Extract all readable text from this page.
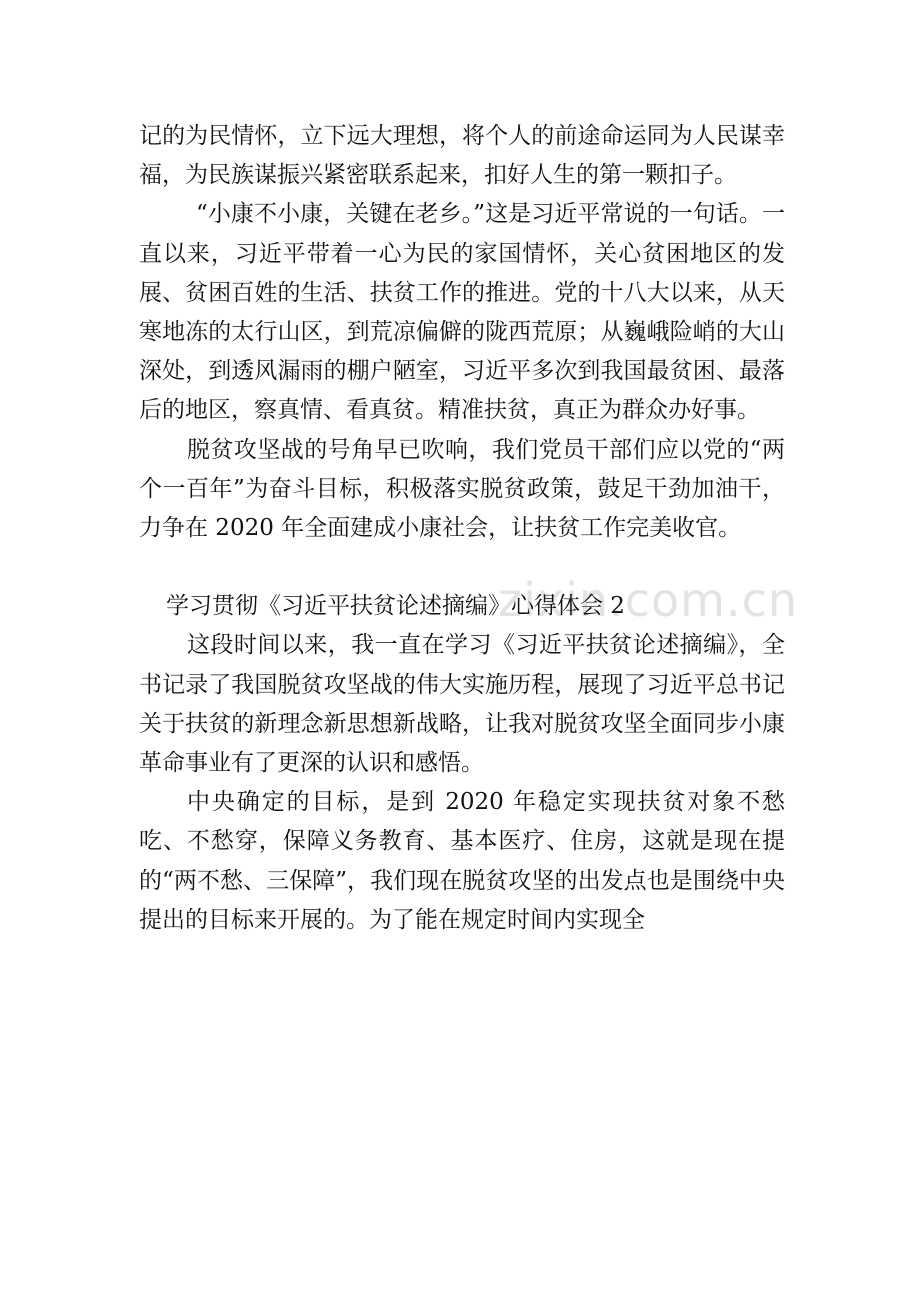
zixin.com.cn

记的为民情怀，立下远大理想，将个人的前途命运同为人民谋幸福，为民族谋振兴紧密联系起来，扣好人生的第一颗扣子。

“小康不小康，关键在老乡。”这是习近平常说的一句话。一直以来，习近平带着一心为民的家国情怀，关心贫困地区的发展、贫困百姓的生活、扶贫工作的推进。党的十八大以来，从天寒地冻的太行山区，到荒凉偏僻的陇西荒原；从巍峨险峭的大山深处，到透风漏雨的棚户陋室，习近平多次到我国最贫困、最落后的地区，察真情、看真贫。精准扶贫，真正为群众办好事。

脱贫攻坚战的号角早已吹响，我们党员干部们应以党的“两个一百年”为奋斗目标，积极落实脱贫政策，鼓足干劲加油干，力争在 2020 年全面建成小康社会，让扶贫工作完美收官。

学习贯彻《习近平扶贫论述摘编》心得体会 2

这段时间以来，我一直在学习《习近平扶贫论述摘编》，全书记录了我国脱贫攻坚战的伟大实施历程，展现了习近平总书记关于扶贫的新理念新思想新战略，让我对脱贫攻坚全面同步小康革命事业有了更深的认识和感悟。

中央确定的目标，是到 2020 年稳定实现扶贫对象不愁吃、不愁穿，保障义务教育、基本医疗、住房，这就是现在提的“两不愁、三保障”，我们现在脱贫攻坚的出发点也是围绕中央提出的目标来开展的。为了能在规定时间内实现全
